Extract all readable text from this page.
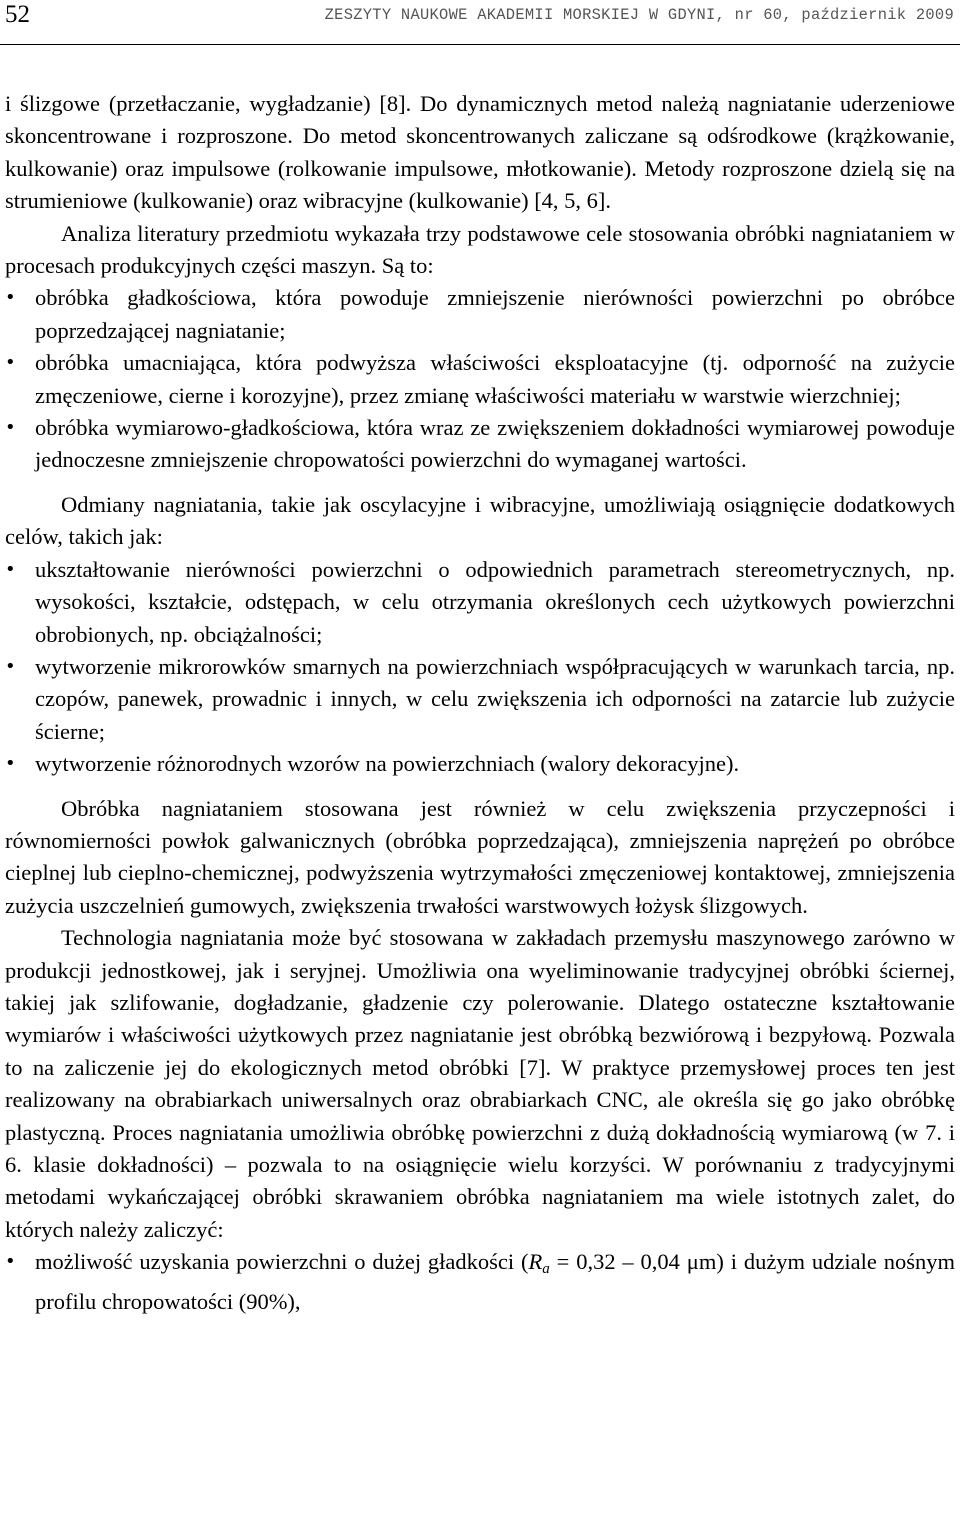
52	ZESZYTY NAUKOWE AKADEMII MORSKIEJ W GDYNI, nr 60, październik 2009

i ślizgowe (przetłaczanie, wygładzanie) [8]. Do dynamicznych metod należą nagniatanie uderzeniowe skoncentrowane i rozproszone. Do metod skoncentrowanych zaliczane są odśrodkowe (krążkowanie, kulkowanie) oraz impulsowe (rolkowanie impulsowe, młotkowanie). Metody rozproszone dzielą się na strumieniowe (kulkowanie) oraz wibracyjne (kulkowanie) [4, 5, 6].

Analiza literatury przedmiotu wykazała trzy podstawowe cele stosowania obróbki nagniataniem w procesach produkcyjnych części maszyn. Są to:

• obróbka gładkościowa, która powoduje zmniejszenie nierówności powierzchni po obróbce poprzedzającej nagniatanie;
• obróbka umacniająca, która podwyższa właściwości eksploatacyjne (tj. odporność na zużycie zmęczeniowe, cierne i korozyjne), przez zmianę właściwości materiału w warstwie wierzchniej;
• obróbka wymiarowo-gładkościowa, która wraz ze zwiększeniem dokładności wymiarowej powoduje jednoczesne zmniejszenie chropowatości powierzchni do wymaganej wartości.

Odmiany nagniatania, takie jak oscylacyjne i wibracyjne, umożliwiają osiągnięcie dodatkowych celów, takich jak:

• ukształtowanie nierówności powierzchni o odpowiednich parametrach stereometrycznych, np. wysokości, kształcie, odstępach, w celu otrzymania określonych cech użytkowych powierzchni obrobionych, np. obciążalności;
• wytworzenie mikrorowków smarnych na powierzchniach współpracujących w warunkach tarcia, np. czopów, panewek, prowadnic i innych, w celu zwiększenia ich odporności na zatarcie lub zużycie ścierne;
• wytworzenie różnorodnych wzorów na powierzchniach (walory dekoracyjne).

Obróbka nagniataniem stosowana jest również w celu zwiększenia przyczepności i równomierności powłok galwanicznych (obróbka poprzedzająca), zmniejszenia naprężeń po obróbce cieplnej lub cieplno-chemicznej, podwyższenia wytrzymałości zmęczeniowej kontaktowej, zmniejszenia zużycia uszczelnień gumowych, zwiększenia trwałości warstwowych łożysk ślizgowych.

Technologia nagniatania może być stosowana w zakładach przemysłu maszynowego zarówno w produkcji jednostkowej, jak i seryjnej. Umożliwia ona wyeliminowanie tradycyjnej obróbki ściernej, takiej jak szlifowanie, dogładzanie, gładzenie czy polerowanie. Dlatego ostateczne kształtowanie wymiarów i właściwości użytkowych przez nagniatanie jest obróbką bezwiórową i bezpyłową. Pozwala to na zaliczenie jej do ekologicznych metod obróbki [7]. W praktyce przemysłowej proces ten jest realizowany na obrabiarkach uniwersalnych oraz obrabiarkach CNC, ale określa się go jako obróbkę plastyczną. Proces nagniatania umożliwia obróbkę powierzchni z dużą dokładnością wymiarową (w 7. i 6. klasie dokładności) – pozwala to na osiągnięcie wielu korzyści. W porównaniu z tradycyjnymi metodami wykańczającej obróbki skrawaniem obróbka nagniataniem ma wiele istotnych zalet, do których należy zaliczyć:

• możliwość uzyskania powierzchni o dużej gładkości ($R_a = 0,32 - 0,04$ μm) i dużym udziale nośnym profilu chropowatości (90%),
